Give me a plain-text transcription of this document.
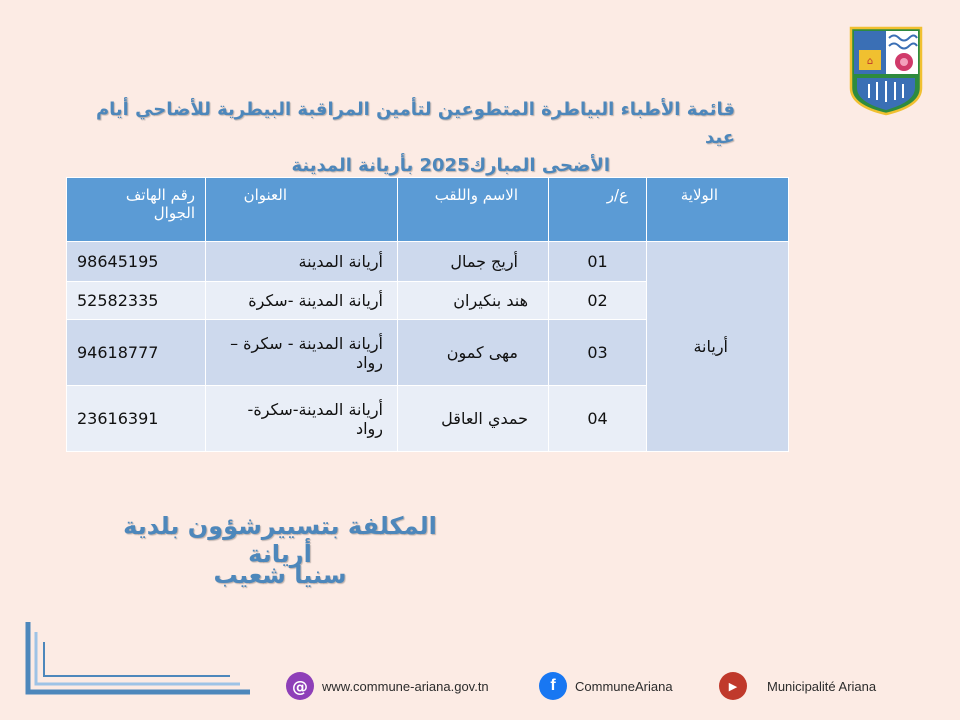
⌂
قائمة الأطباء البياطرة المتطوعين لتأمين المراقبة البيطرية للأضاحي أيام عيد
الأضحى المبارك2025 بأريانة المدينة
رقم الهاتف الجوال	العنوان	الاسم واللقب	ع/ر	الولاية

98645195	أريانة المدينة	أريج جمال	01	أريانة

52582335	أريانة المدينة -سكرة	هند بنكيران	02	
94618777	أريانة المدينة - سكرة – رواد	مهى كمون	03	
23616391	أريانة المدينة-سكرة- رواد	حمدي العاقل	04	
المكلفة بتسييرشؤون بلدية أريانة
سنيا شعيب
@	www.commune-ariana.gov.tn	f	CommuneAriana	▶	Municipalité Ariana
